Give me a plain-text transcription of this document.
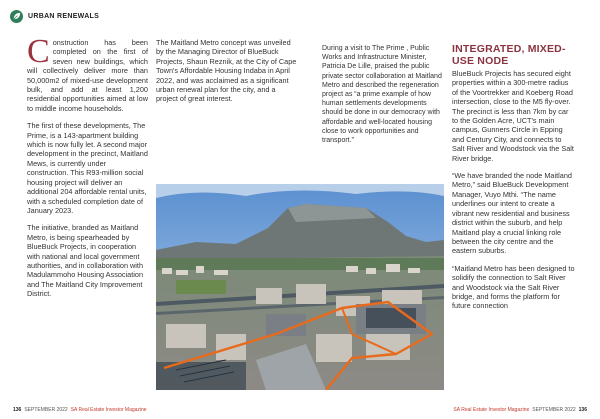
URBAN RENEWALS

Construction has been completed on the first of seven new buildings, which will collectively deliver more than 50,000m2 of mixed-use development bulk, and add at least 1,200 residential opportunities aimed at low to middle income households.

The first of these developments, The Prime, is a 143-apartment building which is now fully let. A second major development in the precinct, Maitland Mews, is currently under construction. This R93-million social housing project will deliver an additional 204 affordable rental units, with a scheduled completion date of January 2023.

The initiative, branded as Maitland Metro, is being spearheaded by BlueBuck Projects, in cooperation with national and local government authorities, and in collaboration with Madulammoho Housing Association and The Maitland City Improvement District.

The Maitland Metro concept was unveiled by the Managing Director of BlueBuck Projects, Shaun Reznik, at the City of Cape Town's Affordable Housing Indaba in April 2022, and was acclaimed as a significant urban renewal plan for the city, and a project of great interest.

During a visit to The Prime , Public Works and Infrastructure Minister, Patricia De Lille, praised the public private sector collaboration at Maitland Metro and described the regeneration project as “a prime example of how human settlements developments should be done in our democracy with affordable and well-located housing close to work opportunities and transport.”

INTEGRATED, MIXED-USE NODE

BlueBuck Projects has secured eight properties within a 300-metre radius of the Voortrekker and Koeberg Road intersection, close to the M5 fly-over. The precinct is less than 7km by car to the Golden Acre, UCT's main campus, Gunners Circle in Epping and Century City, and connects to Salt River and Woodstock via the Salt River bridge.

“We have branded the node Maitland Metro,” said BlueBuck Development Manager, Vuyo Mthi. “The name underlines our intent to create a vibrant new residential and business district within the suburb, and help Maitland play a crucial linking role between the city centre and the eastern suburbs.

“Maitland Metro has been designed to solidify the connection to Salt River and Woodstock via the Salt River bridge, and forms the platform for future connection

136 SEPTEMBER 2022 SA Real Estate Investor Magazine	SA Real Estate Investor Magazine SEPTEMBER 2022 136
